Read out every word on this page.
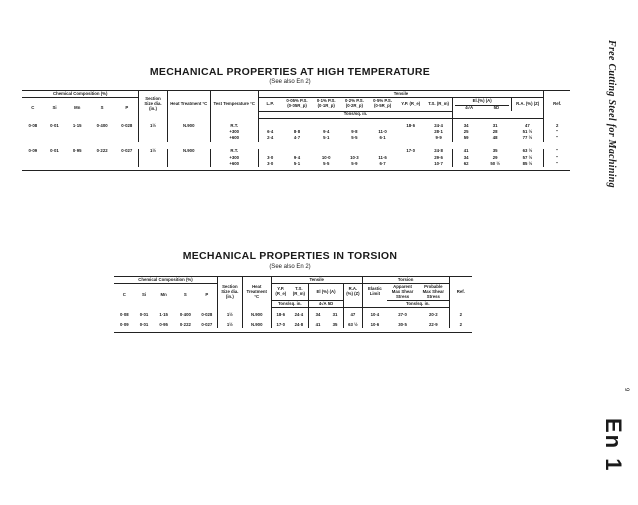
MECHANICAL PROPERTIES AT HIGH TEMPERATURE
(See also En 2)
Chemical Composition (%)					Section Size dia. (in.)	Heat Treatment °C	Test Temperature °C	Tensile										Ref.
C	Si	Mn	S	P				L.P.	0·05% P.S. (0·05R_p)	0·1% P.S. (0·1R_p)	0·2% P.S. (0·2R_p)	0·5% P.S. (0·5R_p)	Y.P. (R_e)	T.S. (R_m)	El.(%) (A)
4√A 5D		R.A. (%) (Z)	
								Tons/sq. in.										
0·08	0·01	1·15	0·400	0·028	1½	N.900	R.T.						18·6	24·4	34	31	47	2
							+300	6·4	8·8	9·4	9·8	11·0		28·1	25	28	51 ½	"
							+600	2·4	4·7	5·1	5·5	6·1		9·9	59	48	77 ½	"

0·09	0·01	0·95	0·222	0·027	1½	N.900	R.T.						17·0	24·8	41	35	63 ½	"
							+300	3·0	9·4	10·0	10·3	11·6		29·6	34	29	57 ½	"
							+600	3·0	5·1	5·5	5·9	6·7		10·7	62	50 ½	85 ½	"

MECHANICAL PROPERTIES IN TORSION
(See also En 2)
Chemical Composition (%)					Section Size dia. (in.)	Heat Treatment °C	Tensile					Torsion			Ref.
C	Si	Mn	S	P			Y.P. (R_e)	T.S. (R_m)	El (%) (A)		R.A. (%) (Z)	Elastic Limit	Apparent Max Shear Stress	Probable Max Shear Stress	
							Tons/sq. in.		4√A 5D				Tons/sq. in.		
0·08	0·01	1·15	0·400	0·028	1½	N.900	18·6	24·4	34	31	47	10·4	27·0	20·2	2
0·09	0·01	0·95	0·222	0·027	1½	N.900	17·0	24·8	41	35	63 ½	10·6	30·5	22·9	2

Free Cutting Steel for Machining
9
En 1
